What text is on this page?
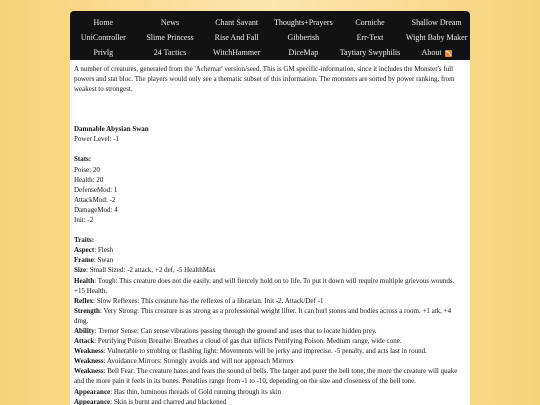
Home	News	Chant Savant	Thoughts+Prayers	Corniche	Shallow Dream
UniController	Slime Princess	Rise And Fall	Gibberish	Err-Text	Wight Baby Maker
Privlg	24 Tactics	WitchHammer	DiceMap	Taytiary Swyphilis	About

A number of creatures, generated from the 'Achemar' version/seed. This is GM specific-information, since it includes the Monster's full powers and stat bloc. The players would only see a thematic subset of this information. The monsters are sorted by power ranking, from weakest to strongest.

Damnable Abysian Swan

Power Level: -1

Stats:

Poise: 20

Health: 20

DefenseMod: 1

AttackMod: -2

DamageMod: 4

Init: -2

Traits:

Aspect: Flesh

Frame: Swan

Size: Small Sized: -2 attack, +2 def, -5 HealthMax

Health: Tough: This creature does not die easily, and will fiercely hold on to life. To put it down will require multiple grievous wounds. +15 Health.

Reflex: Slow Reflexes: This creature has the reflexes of a librarian. Init -2, Attack/Def -1

Strength: Very Strong: This creature is as strong as a professional weight lifter. It can hurl stones and bodies across a room. +1 atk, +4 dmg.

Ability: Tremor Sense: Can sense vibrations passing through the ground and uses that to locate hidden prey.

Attack: Petrifying Poison Breathe: Breathes a cloud of gas that inflicts Petrifying Poison. Medium range, wide cone.

Weakness: Vulnerable to strobing or flashing light: Movements will be jerky and imprecise. -5 penalty, and acts last in round.

Weakness: Avoidance Mirrors: Strongly avoids and will not approach Mirrors

Weakness: Bell Fear: The creature hates and fears the sound of bells. The larger and purer the bell tone, the more the creature will quake and the more pain it feels in its bones. Penalties range from -1 to -10, depending on the size and closeness of the bell tone.

Appearance: Has thin, luminous threads of Gold running through its skin

Appearance: Skin is burnt and charred and blackened
